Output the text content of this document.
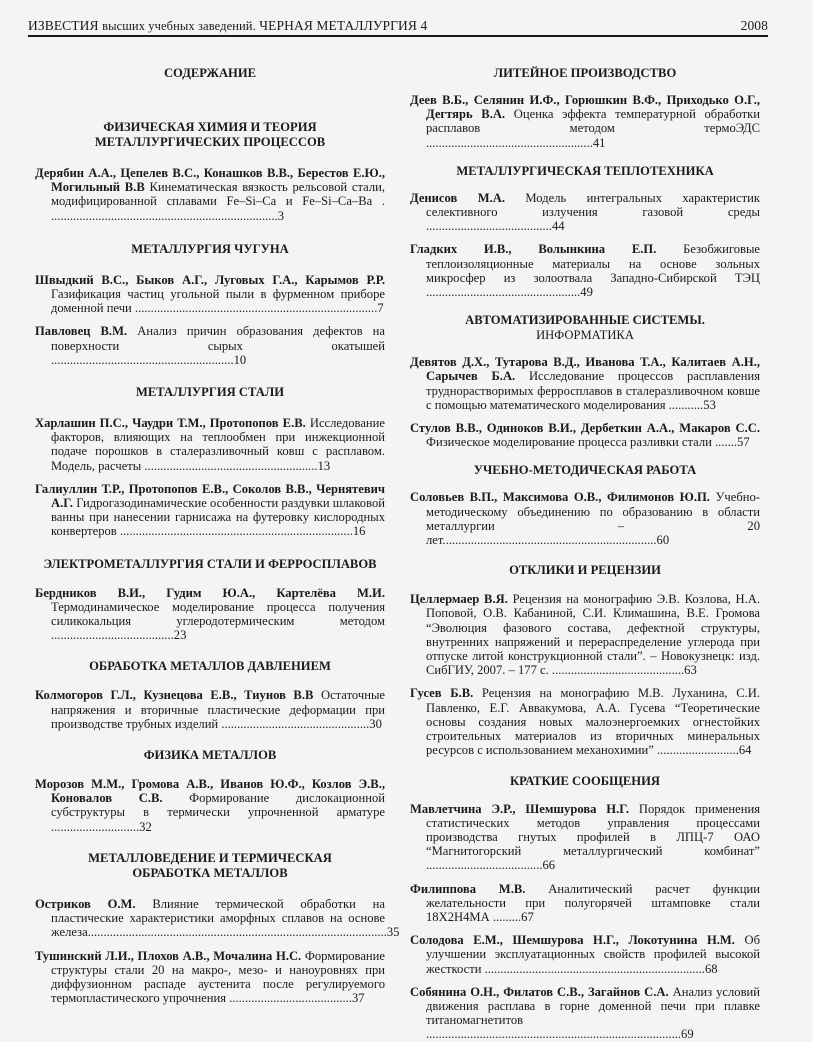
ИЗВЕСТИЯ высших учебных заведений. ЧЕРНАЯ МЕТАЛЛУРГИЯ 4	2008

СОДЕРЖАНИЕ

ФИЗИЧЕСКАЯ ХИМИЯ И ТЕОРИЯ МЕТАЛЛУРГИЧЕСКИХ ПРОЦЕССОВ

Дерябин А.А., Цепелев В.С., Конашков В.В., Берестов Е.Ю., Могильный В.В Кинематическая вязкость рельсовой стали, модифицированной сплавами Fe–Si–Ca и Fe–Si–Ca–Ba . ........................................................................3

МЕТАЛЛУРГИЯ ЧУГУНА

Швыдкий В.С., Быков А.Г., Луговых Г.А., Карымов Р.Р. Газификация частиц угольной пыли в фурменном приборе доменной печи .............................................................................7

Павловец В.М. Анализ причин образования дефектов на поверхности сырых окатышей ..........................................................10

МЕТАЛЛУРГИЯ СТАЛИ

Харлашин П.С., Чаудри Т.М., Протопопов Е.В. Исследование факторов, влияющих на теплообмен при инжекционной подаче порошков в сталеразливочный ковш с расплавом. Модель, расчеты .......................................................13

Галиуллин Т.Р., Протопопов Е.В., Соколов В.В., Чернятевич А.Г. Гидрогазодинамические особенности раздувки шлаковой ванны при нанесении гарнисажа на футеровку кислородных конвертеров ..........................................................................16

ЭЛЕКТРОМЕТАЛЛУРГИЯ СТАЛИ И ФЕРРОСПЛАВОВ

Бердников В.И., Гудим Ю.А., Картелёва М.И. Термодинамическое моделирование процесса получения силикокальция углеродотермическим методом .......................................23

ОБРАБОТКА МЕТАЛЛОВ ДАВЛЕНИЕМ

Колмогоров Г.Л., Кузнецова Е.В., Тиунов В.В Остаточные напряжения и вторичные пластические деформации при производстве трубных изделий ...............................................30

ФИЗИКА МЕТАЛЛОВ

Морозов М.М., Громова А.В., Иванов Ю.Ф., Козлов Э.В., Коновалов С.В. Формирование дислокационной субструктуры в термически упрочненной арматуре ............................32

МЕТАЛЛОВЕДЕНИЕ И ТЕРМИЧЕСКАЯ ОБРАБОТКА МЕТАЛЛОВ

Остриков О.М. Влияние термической обработки на пластические характеристики аморфных сплавов на основе железа...............................................................................................35

Тушинский Л.И., Плохов А.В., Мочалина Н.С. Формирование структуры стали 20 на макро-, мезо- и наноуровнях при диффузионном распаде аустенита после регулируемого термопластического упрочнения .......................................37

ЛИТЕЙНОЕ ПРОИЗВОДСТВО

Деев В.Б., Селянин И.Ф., Горюшкин В.Ф., Приходько О.Г., Дегтярь В.А. Оценка эффекта температурной обработки расплавов методом термоЭДС .....................................................41

МЕТАЛЛУРГИЧЕСКАЯ ТЕПЛОТЕХНИКА

Денисов М.А. Модель интегральных характеристик селективного излучения газовой среды ........................................44

Гладких И.В., Волынкина Е.П. Безобжиговые теплоизоляционные материалы на основе зольных микросфер из золоотвала Западно-Сибирской ТЭЦ .................................................49

АВТОМАТИЗИРОВАННЫЕ СИСТЕМЫ.
ИНФОРМАТИКА

Девятов Д.Х., Тутарова В.Д., Иванова Т.А., Калитаев А.Н., Сарычев Б.А. Исследование процессов расплавления труднорастворимых ферросплавов в сталеразливочном ковше с помощью математического моделирования ...........53

Стулов В.В., Одиноков В.И., Дербеткин А.А., Макаров С.С. Физическое моделирование процесса разливки стали .......57

УЧЕБНО-МЕТОДИЧЕСКАЯ РАБОТА

Соловьев В.П., Максимова О.В., Филимонов Ю.П. Учебно-методическому объединению по образованию в области металлургии – 20 лет....................................................................60

ОТКЛИКИ И РЕЦЕНЗИИ

Целлермаер В.Я. Рецензия на монографию Э.В. Козлова, Н.А. Поповой, О.В. Кабаниной, С.И. Климашина, В.Е. Громова “Эволюция фазового состава, дефектной структуры, внутренних напряжений и перераспределение углерода при отпуске литой конструкционной стали”. – Новокузнецк: изд. СибГИУ, 2007. – 177 с. ..........................................63

Гусев Б.В. Рецензия на монографию М.В. Луханина, С.И. Павленко, Е.Г. Аввакумова, А.А. Гусева “Теоретические основы создания новых малоэнергоемких огнестойких строительных материалов из вторичных минеральных ресурсов с использованием механохимии” ..........................64

КРАТКИЕ СООБЩЕНИЯ

Мавлетчина Э.Р., Шемшурова Н.Г. Порядок применения статистических методов управления процессами производства гнутых профилей в ЛПЦ-7 ОАО “Магнитогорский металлургический комбинат” .....................................66

Филиппова М.В. Аналитический расчет функции желательности при полугорячей штамповке стали 18Х2Н4МА .........67

Солодова Е.М., Шемшурова Н.Г., Локотунина Н.М. Об улучшении эксплуатационных свойств профилей высокой жесткости ......................................................................68

Собянина О.Н., Филатов С.В., Загайнов С.А. Анализ условий движения расплава в горне доменной печи при плавке титаномагнетитов .................................................................................69
